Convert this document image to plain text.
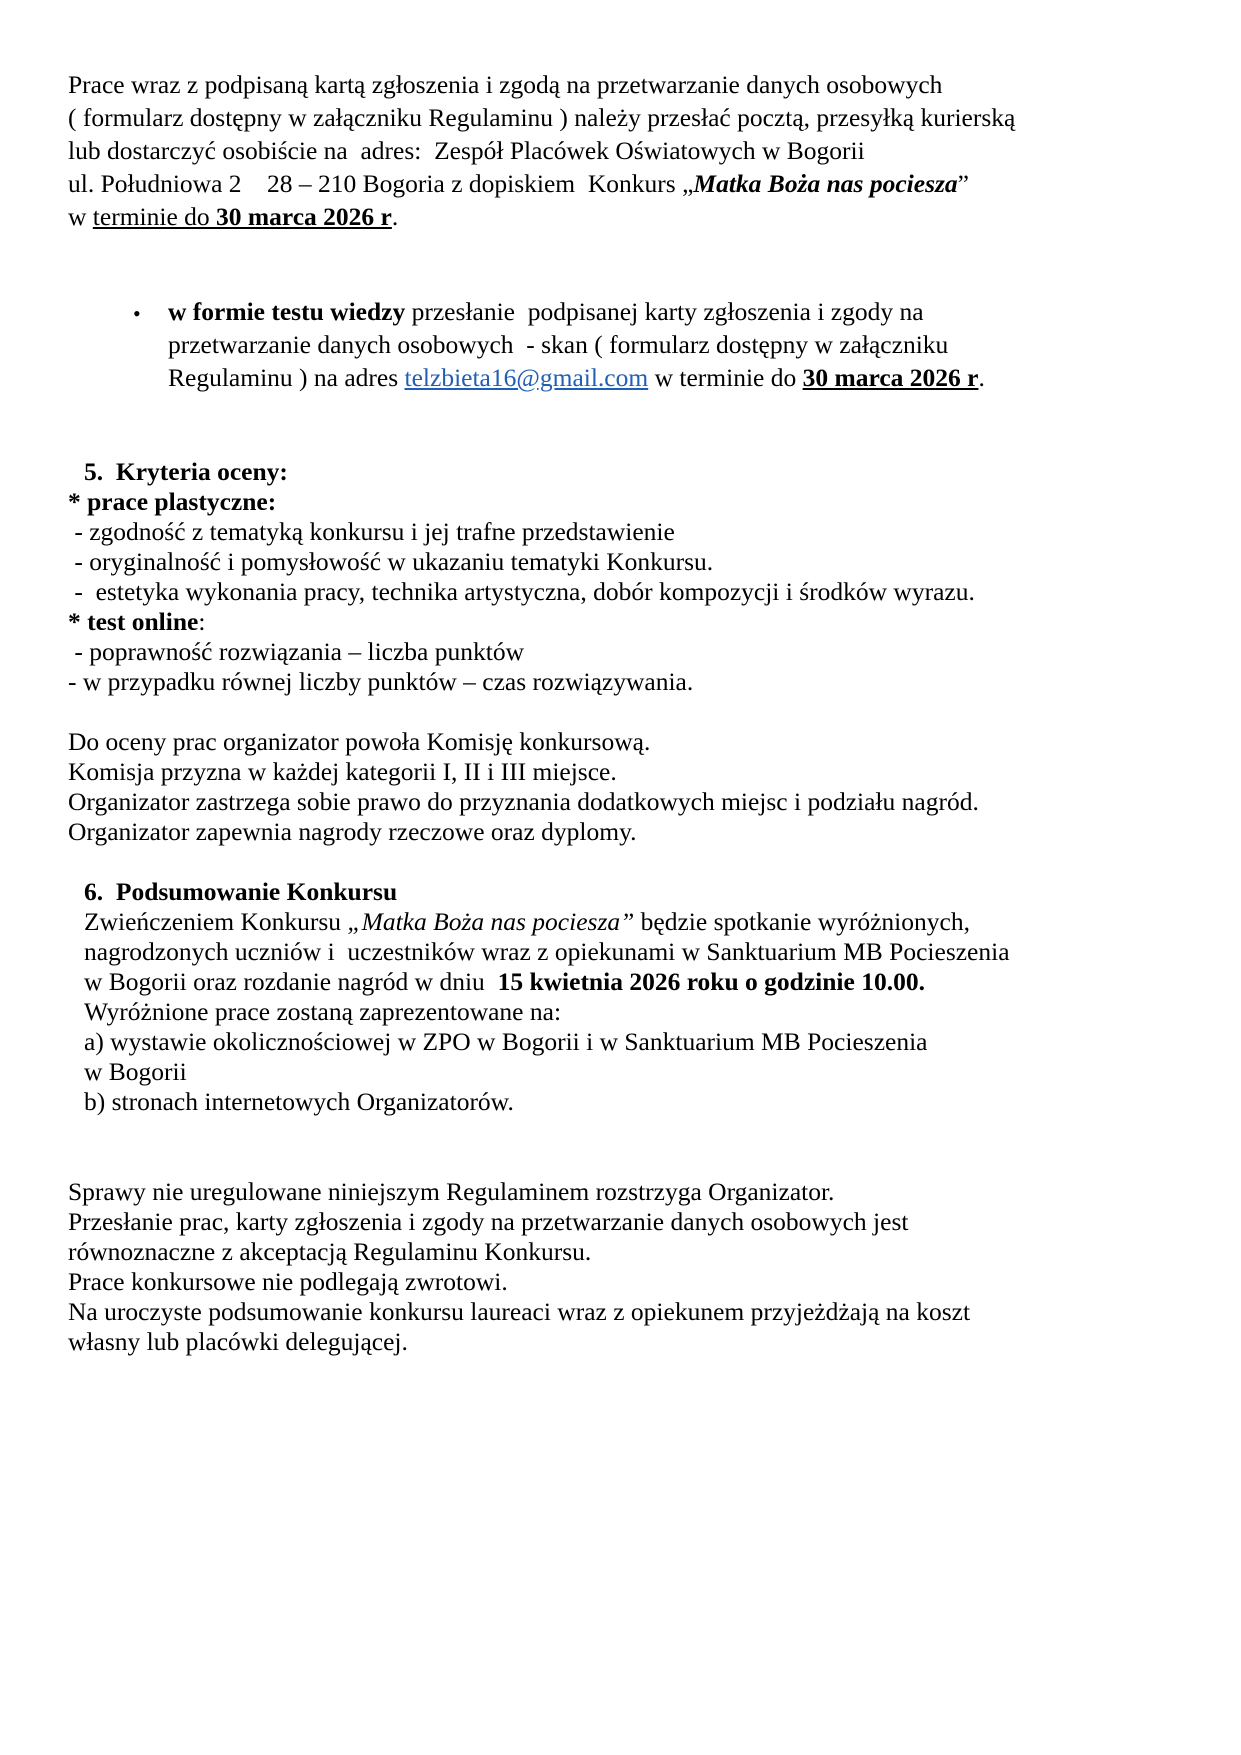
Prace wraz z podpisaną kartą zgłoszenia i zgodą na przetwarzanie danych osobowych
( formularz dostępny w załączniku Regulaminu ) należy przesłać pocztą, przesyłką kurierską
lub dostarczyć osobiście na  adres:  Zespół Placówek Oświatowych w Bogorii
ul. Południowa 2    28 – 210 Bogoria z dopiskiem  Konkurs „Matka Boża nas pociesza”
w terminie do 30 marca 2026 r.
• w formie testu wiedzy przesłanie  podpisanej karty zgłoszenia i zgody na
przetwarzanie danych osobowych  - skan ( formularz dostępny w załączniku
Regulaminu ) na adres telzbieta16@gmail.com w terminie do 30 marca 2026 r.
5.  Kryteria oceny:
* prace plastyczne:
- zgodność z tematyką konkursu i jej trafne przedstawienie
- oryginalność i pomysłowość w ukazaniu tematyki Konkursu.
-  estetyka wykonania pracy, technika artystyczna, dobór kompozycji i środków wyrazu.
* test online:
- poprawność rozwiązania – liczba punktów
- w przypadku równej liczby punktów – czas rozwiązywania.
Do oceny prac organizator powoła Komisję konkursową.
Komisja przyzna w każdej kategorii I, II i III miejsce.
Organizator zastrzega sobie prawo do przyznania dodatkowych miejsc i podziału nagród.
Organizator zapewnia nagrody rzeczowe oraz dyplomy.
6.  Podsumowanie Konkursu
Zwieńczeniem Konkursu „Matka Boża nas pociesza” będzie spotkanie wyróżnionych,
nagrodzonych uczniów i  uczestników wraz z opiekunami w Sanktuarium MB Pocieszenia
w Bogorii oraz rozdanie nagród w dniu  15 kwietnia 2026 roku o godzinie 10.00.
Wyróżnione prace zostaną zaprezentowane na:
a) wystawie okolicznościowej w ZPO w Bogorii i w Sanktuarium MB Pocieszenia
w Bogorii
b) stronach internetowych Organizatorów.
Sprawy nie uregulowane niniejszym Regulaminem rozstrzyga Organizator.
Przesłanie prac, karty zgłoszenia i zgody na przetwarzanie danych osobowych jest
równoznaczne z akceptacją Regulaminu Konkursu.
Prace konkursowe nie podlegają zwrotowi.
Na uroczyste podsumowanie konkursu laureaci wraz z opiekunem przyjeżdżają na koszt
własny lub placówki delegującej.
